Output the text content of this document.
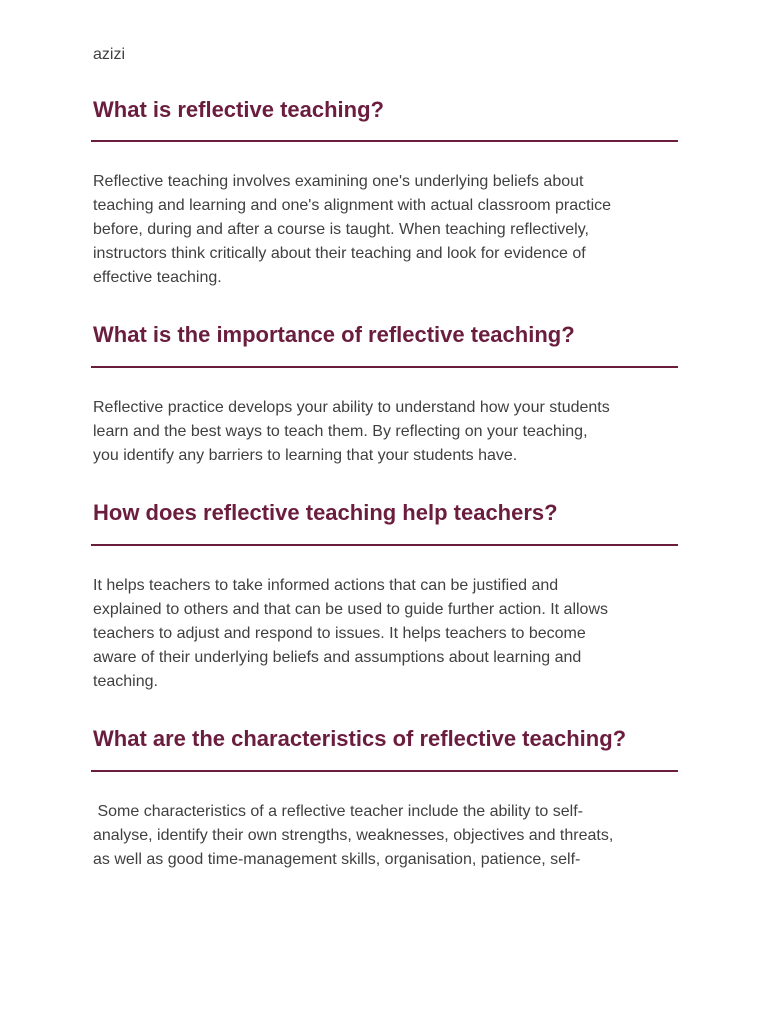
azizi

What is reflective teaching?
Reflective teaching involves examining one's underlying beliefs about
teaching and learning and one's alignment with actual classroom practice
before, during and after a course is taught. When teaching reflectively,
instructors think critically about their teaching and look for evidence of
effective teaching.
What is the importance of reflective teaching?
Reflective practice develops your ability to understand how your students
learn and the best ways to teach them. By reflecting on your teaching,
you identify any barriers to learning that your students have.
How does reflective teaching help teachers?
It helps teachers to take informed actions that can be justified and
explained to others and that can be used to guide further action. It allows
teachers to adjust and respond to issues. It helps teachers to become
aware of their underlying beliefs and assumptions about learning and
teaching.
What are the characteristics of reflective teaching?
Some characteristics of a reflective teacher include the ability to self-
analyse, identify their own strengths, weaknesses, objectives and threats,
as well as good time-management skills, organisation, patience, self-
